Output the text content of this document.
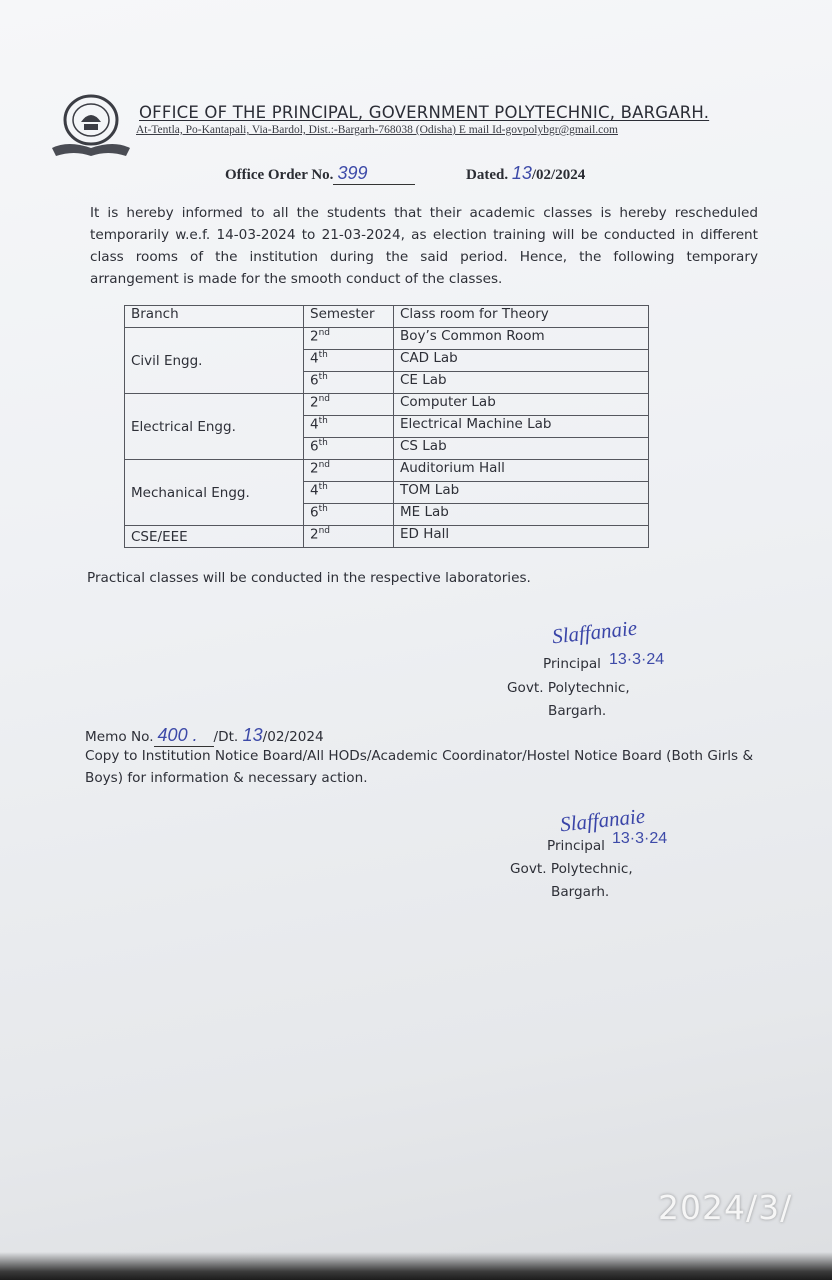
OFFICE OF THE PRINCIPAL, GOVERNMENT POLYTECHNIC, BARGARH.
At-Tentla, Po-Kantapali, Via-Bardol, Dist.:-Bargarh-768038 (Odisha) E mail Id-govpolybgr@gmail.com
Office Order No. 399	Dated. 13/02/2024
It is hereby informed to all the students that their academic classes is hereby rescheduled temporarily w.e.f. 14-03-2024 to 21-03-2024, as election training will be conducted in different class rooms of the institution during the said period. Hence, the following temporary arrangement is made for the smooth conduct of the classes.
Branch	Semester	Class room for Theory
Civil Engg.	2nd	Boy’s Common Room
	4th	CAD Lab
	6th	CE Lab
Electrical Engg.	2nd	Computer Lab
	4th	Electrical Machine Lab
	6th	CS Lab
Mechanical Engg.	2nd	Auditorium Hall
	4th	TOM Lab
	6th	ME Lab
CSE/EEE	2nd	ED Hall
Practical classes will be conducted in the respective laboratories.
Slaffanaie
Principal 13·3·24
Govt. Polytechnic,
Bargarh.
Memo No. 400 . /Dt. 13/02/2024
Copy to Institution Notice Board/All HODs/Academic Coordinator/Hostel Notice Board (Both Girls & Boys) for information & necessary action.
Slaffanaie
Principal 13·3·24
Govt. Polytechnic,
Bargarh.
2024/3/
